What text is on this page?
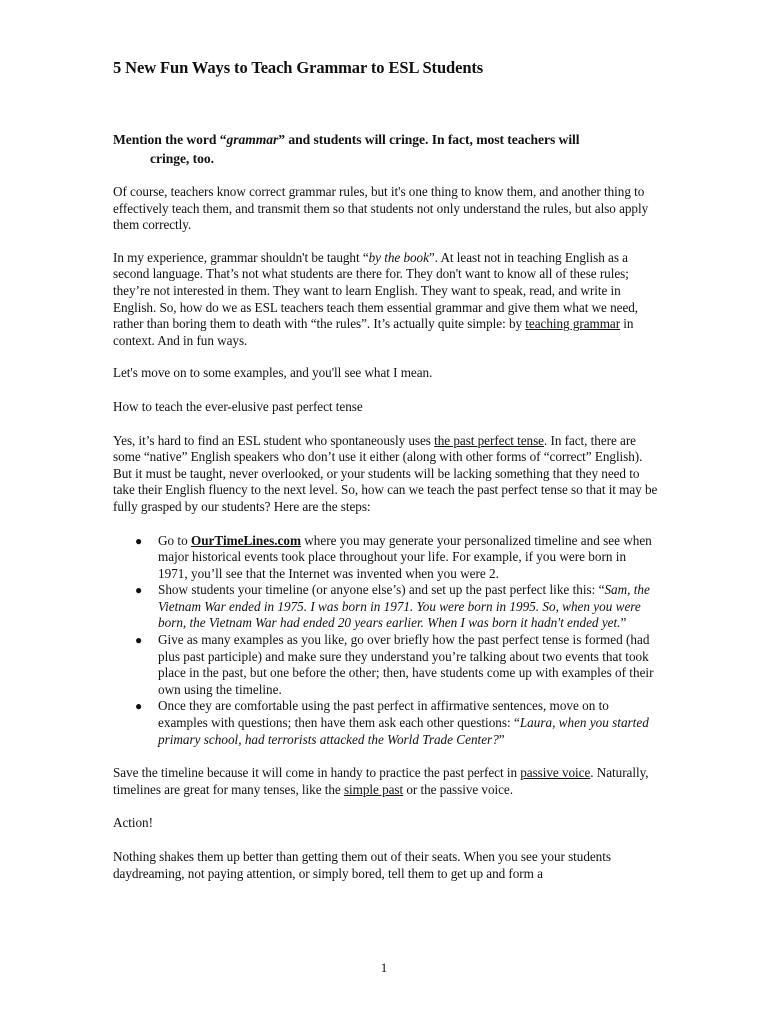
5 New Fun Ways to Teach Grammar to ESL Students

Mention the word “grammar” and students will cringe. In fact, most teachers will
cringe, too.

Of course, teachers know correct grammar rules, but it's one thing to know them, and another thing to effectively teach them, and transmit them so that students not only understand the rules, but also apply them correctly.

In my experience, grammar shouldn't be taught “by the book”. At least not in teaching English as a second language. That’s not what students are there for. They don't want to know all of these rules; they’re not interested in them. They want to learn English. They want to speak, read, and write in English. So, how do we as ESL teachers teach them essential grammar and give them what we need, rather than boring them to death with “the rules”. It’s actually quite simple: by teaching grammar in context. And in fun ways.

Let's move on to some examples, and you'll see what I mean.

How to teach the ever-elusive past perfect tense

Yes, it’s hard to find an ESL student who spontaneously uses the past perfect tense. In fact, there are some “native” English speakers who don’t use it either (along with other forms of “correct” English). But it must be taught, never overlooked, or your students will be lacking something that they need to take their English fluency to the next level. So, how can we teach the past perfect tense so that it may be fully grasped by our students? Here are the steps:

● Go to OurTimeLines.com where you may generate your personalized timeline and see when major historical events took place throughout your life. For example, if you were born in 1971, you’ll see that the Internet was invented when you were 2.
● Show students your timeline (or anyone else’s) and set up the past perfect like this: “Sam, the Vietnam War ended in 1975. I was born in 1971. You were born in 1995. So, when you were born, the Vietnam War had ended 20 years earlier. When I was born it hadn't ended yet.”
● Give as many examples as you like, go over briefly how the past perfect tense is formed (had plus past participle) and make sure they understand you’re talking about two events that took place in the past, but one before the other; then, have students come up with examples of their own using the timeline.
● Once they are comfortable using the past perfect in affirmative sentences, move on to examples with questions; then have them ask each other questions: “Laura, when you started primary school, had terrorists attacked the World Trade Center?”

Save the timeline because it will come in handy to practice the past perfect in passive voice. Naturally, timelines are great for many tenses, like the simple past or the passive voice.

Action!

Nothing shakes them up better than getting them out of their seats. When you see your students daydreaming, not paying attention, or simply bored, tell them to get up and form a

1
